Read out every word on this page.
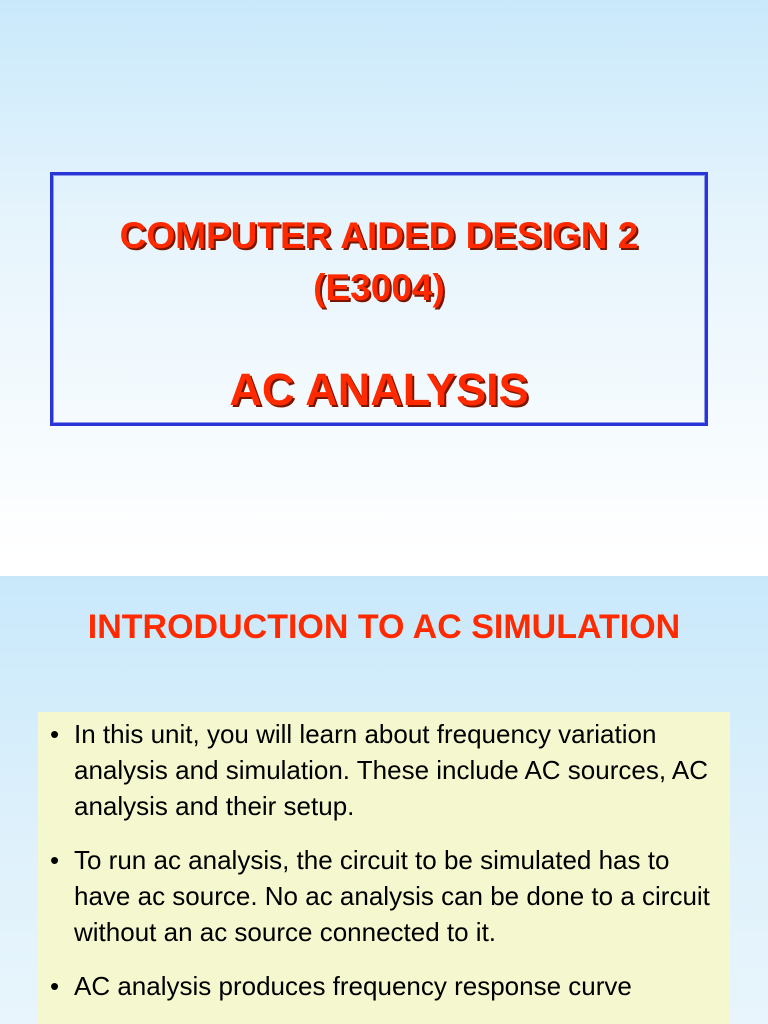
COMPUTER AIDED DESIGN 2
(E3004)
AC ANALYSIS
INTRODUCTION TO AC SIMULATION
• In this unit, you will learn about frequency variation analysis and simulation. These include AC sources, AC analysis and their setup.
• To run ac analysis, the circuit to be simulated has to have ac source. No ac analysis can be done to a circuit without an ac source connected to it.
• AC analysis produces frequency response curve
